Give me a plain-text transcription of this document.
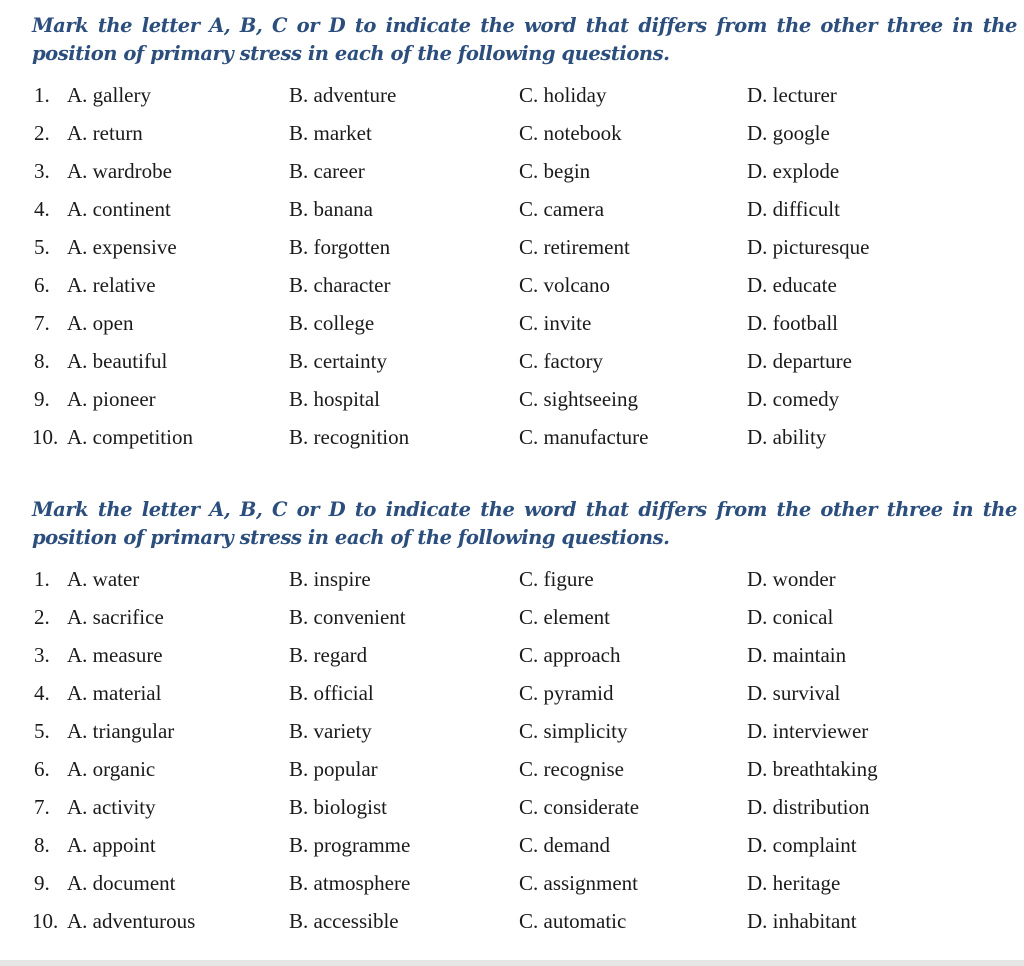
Mark the letter A, B, C or D to indicate the word that differs from the other three in the position of primary stress in each of the following questions.

1. A. gallery	B. adventure	C. holiday	D. lecturer
2. A. return	B. market	C. notebook	D. google
3. A. wardrobe	B. career	C. begin	D. explode
4. A. continent	B. banana	C. camera	D. difficult
5. A. expensive	B. forgotten	C. retirement	D. picturesque
6. A. relative	B. character	C. volcano	D. educate
7. A. open	B. college	C. invite	D. football
8. A. beautiful	B. certainty	C. factory	D. departure
9. A. pioneer	B. hospital	C. sightseeing	D. comedy
10. A. competition	B. recognition	C. manufacture	D. ability

Mark the letter A, B, C or D to indicate the word that differs from the other three in the position of primary stress in each of the following questions.

1. A. water	B. inspire	C. figure	D. wonder
2. A. sacrifice	B. convenient	C. element	D. conical
3. A. measure	B. regard	C. approach	D. maintain
4. A. material	B. official	C. pyramid	D. survival
5. A. triangular	B. variety	C. simplicity	D. interviewer
6. A. organic	B. popular	C. recognise	D. breathtaking
7. A. activity	B. biologist	C. considerate	D. distribution
8. A. appoint	B. programme	C. demand	D. complaint
9. A. document	B. atmosphere	C. assignment	D. heritage
10. A. adventurous	B. accessible	C. automatic	D. inhabitant
